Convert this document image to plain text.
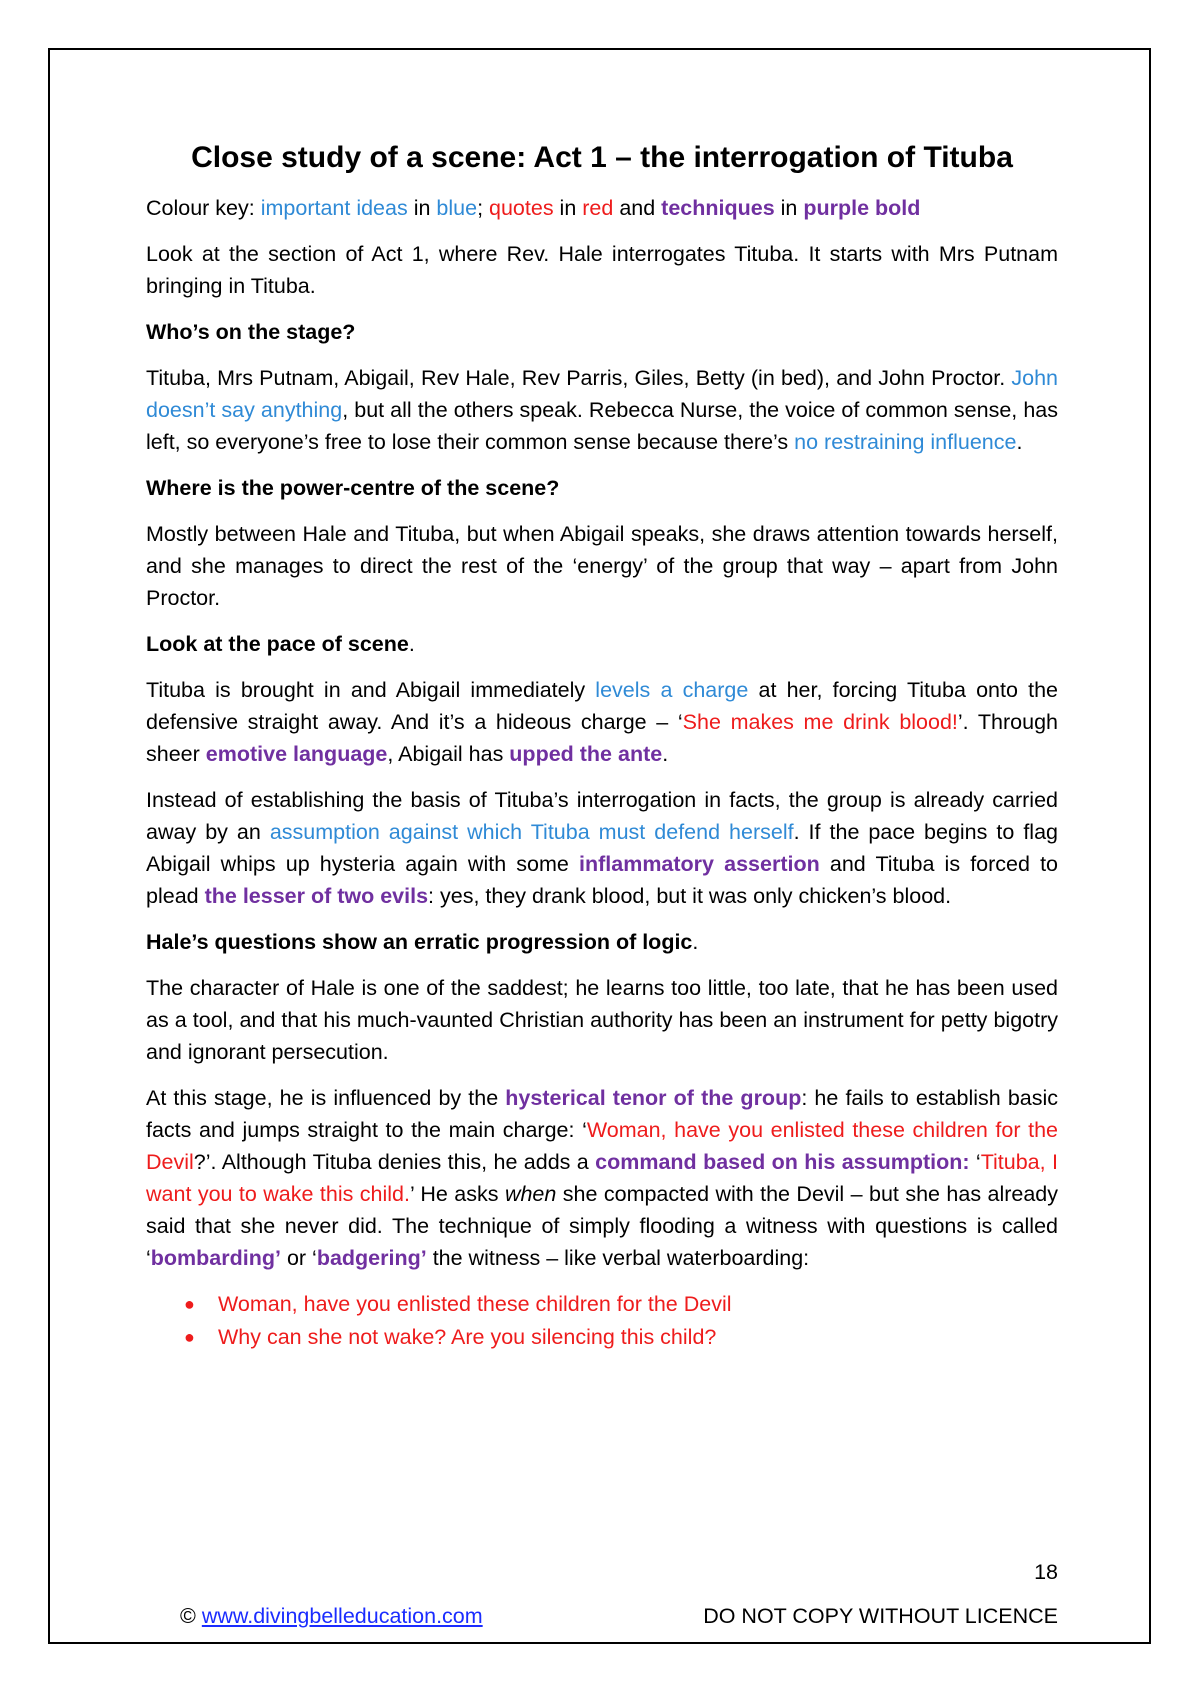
Close study of a scene: Act 1 – the interrogation of Tituba

Colour key: important ideas in blue; quotes in red and techniques in purple bold

Look at the section of Act 1, where Rev. Hale interrogates Tituba. It starts with Mrs Putnam bringing in Tituba.

Who’s on the stage?

Tituba, Mrs Putnam, Abigail, Rev Hale, Rev Parris, Giles, Betty (in bed), and John Proctor. John doesn’t say anything, but all the others speak. Rebecca Nurse, the voice of common sense, has left, so everyone’s free to lose their common sense because there’s no restraining influence.

Where is the power-centre of the scene?

Mostly between Hale and Tituba, but when Abigail speaks, she draws attention towards herself, and she manages to direct the rest of the ‘energy’ of the group that way – apart from John Proctor.

Look at the pace of scene.

Tituba is brought in and Abigail immediately levels a charge at her, forcing Tituba onto the defensive straight away. And it’s a hideous charge – ‘She makes me drink blood!’. Through sheer emotive language, Abigail has upped the ante.

Instead of establishing the basis of Tituba’s interrogation in facts, the group is already carried away by an assumption against which Tituba must defend herself. If the pace begins to flag Abigail whips up hysteria again with some inflammatory assertion and Tituba is forced to plead the lesser of two evils: yes, they drank blood, but it was only chicken’s blood.

Hale’s questions show an erratic progression of logic.

The character of Hale is one of the saddest; he learns too little, too late, that he has been used as a tool, and that his much-vaunted Christian authority has been an instrument for petty bigotry and ignorant persecution.

At this stage, he is influenced by the hysterical tenor of the group: he fails to establish basic facts and jumps straight to the main charge: ‘Woman, have you enlisted these children for the Devil?’. Although Tituba denies this, he adds a command based on his assumption: ‘Tituba, I want you to wake this child.’ He asks when she compacted with the Devil – but she has already said that she never did. The technique of simply flooding a witness with questions is called ‘bombarding’ or ‘badgering’ the witness – like verbal waterboarding:

● Woman, have you enlisted these children for the Devil
● Why can she not wake? Are you silencing this child?
18
© www.divingbelleducation.com	DO NOT COPY WITHOUT LICENCE
